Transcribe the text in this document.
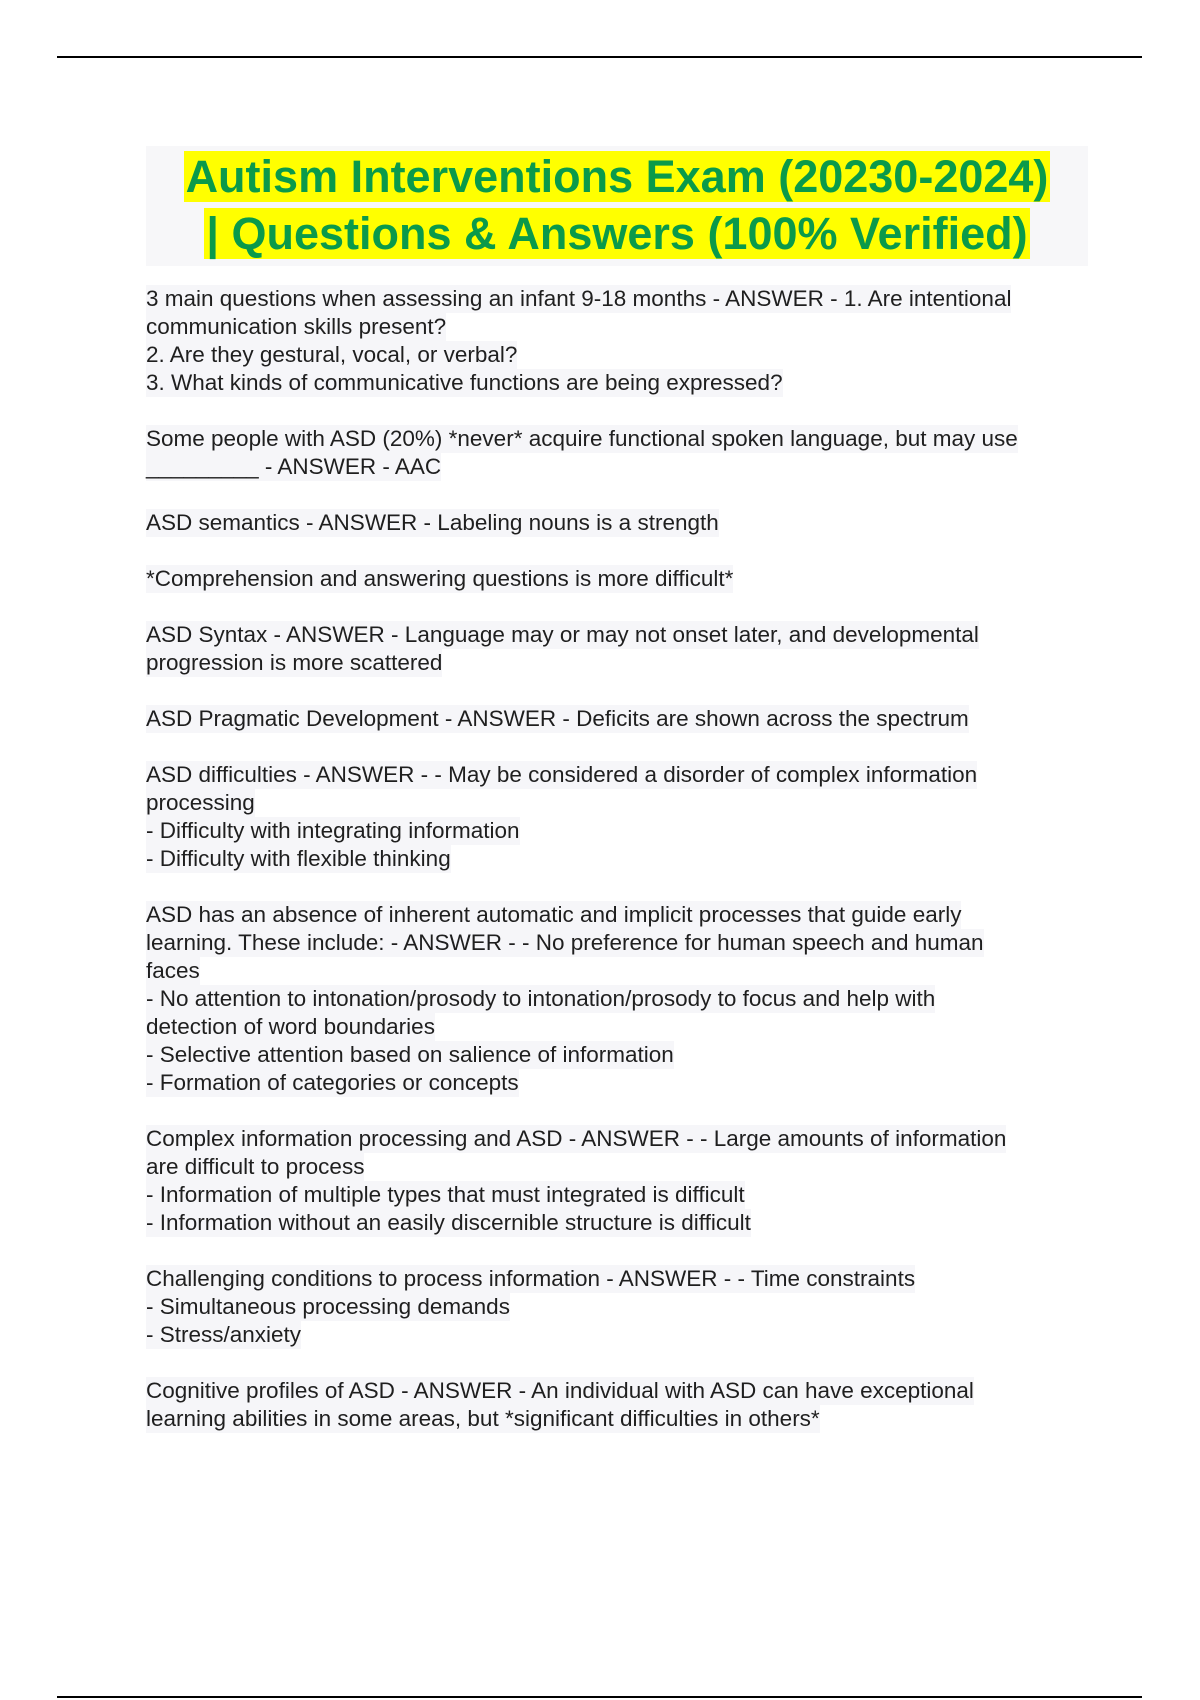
Autism Interventions Exam (20230-2024)
| Questions & Answers (100% Verified)
3 main questions when assessing an infant 9-18 months - ANSWER - 1. Are intentional
communication skills present?
2. Are they gestural, vocal, or verbal?
3. What kinds of communicative functions are being expressed?
Some people with ASD (20%) *never* acquire functional spoken language, but may use
_________ - ANSWER - AAC
ASD semantics - ANSWER - Labeling nouns is a strength
*Comprehension and answering questions is more difficult*
ASD Syntax - ANSWER - Language may or may not onset later, and developmental
progression is more scattered
ASD Pragmatic Development - ANSWER - Deficits are shown across the spectrum
ASD difficulties - ANSWER - - May be considered a disorder of complex information
processing
- Difficulty with integrating information
- Difficulty with flexible thinking
ASD has an absence of inherent automatic and implicit processes that guide early
learning. These include: - ANSWER - - No preference for human speech and human
faces
- No attention to intonation/prosody to intonation/prosody to focus and help with
detection of word boundaries
- Selective attention based on salience of information
- Formation of categories or concepts
Complex information processing and ASD - ANSWER - - Large amounts of information
are difficult to process
- Information of multiple types that must integrated is difficult
- Information without an easily discernible structure is difficult
Challenging conditions to process information - ANSWER - - Time constraints
- Simultaneous processing demands
- Stress/anxiety
Cognitive profiles of ASD - ANSWER - An individual with ASD can have exceptional
learning abilities in some areas, but *significant difficulties in others*
